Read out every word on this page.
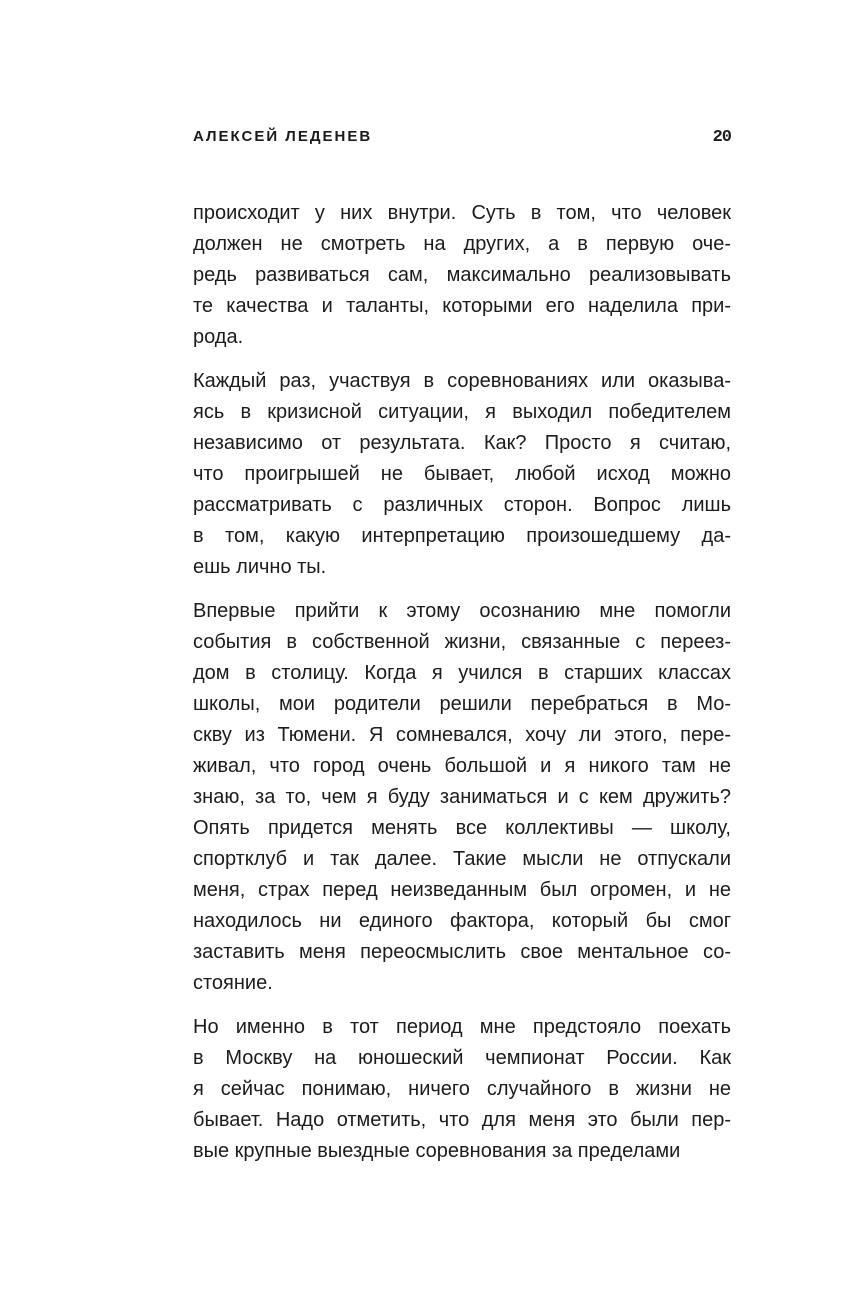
АЛЕКСЕЙ ЛЕДЕНЕВ	20
происходит у них внутри. Суть в том, что человек
должен не смотреть на других, а в первую оче-
редь развиваться сам, максимально реализовывать
те качества и таланты, которыми его наделила при-
рода.
Каждый раз, участвуя в соревнованиях или оказыва-
ясь в кризисной ситуации, я выходил победителем
независимо от результата. Как? Просто я считаю,
что проигрышей не бывает, любой исход можно
рассматривать с различных сторон. Вопрос лишь
в том, какую интерпретацию произошедшему да-
ешь лично ты.
Впервые прийти к этому осознанию мне помогли
события в собственной жизни, связанные с переез-
дом в столицу. Когда я учился в старших классах
школы, мои родители решили перебраться в Мо-
скву из Тюмени. Я сомневался, хочу ли этого, пере-
живал, что город очень большой и я никого там не
знаю, за то, чем я буду заниматься и с кем дружить?
Опять придется менять все коллективы — школу,
спортклуб и так далее. Такие мысли не отпускали
меня, страх перед неизведанным был огромен, и не
находилось ни единого фактора, который бы смог
заставить меня переосмыслить свое ментальное со-
стояние.
Но именно в тот период мне предстояло поехать
в Москву на юношеский чемпионат России. Как
я сейчас понимаю, ничего случайного в жизни не
бывает. Надо отметить, что для меня это были пер-
вые крупные выездные соревнования за пределами
